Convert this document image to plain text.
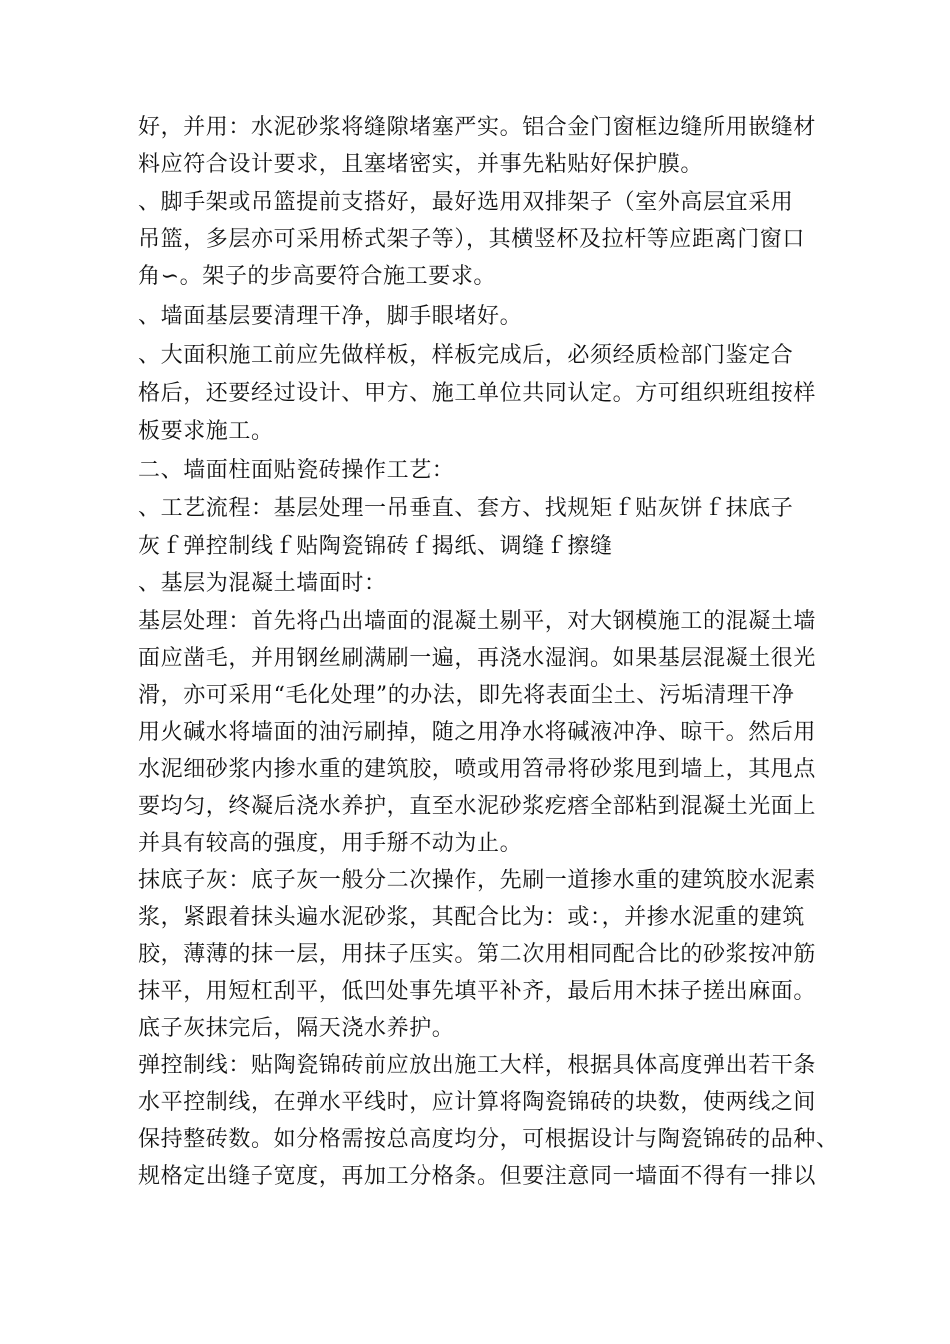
好，并用：水泥砂浆将缝隙堵塞严实。铝合金门窗框边缝所用嵌缝材
料应符合设计要求，且塞堵密实，并事先粘贴好保护膜。
、脚手架或吊篮提前支搭好，最好选用双排架子（室外高层宜采用
吊篮，多层亦可采用桥式架子等），其横竖杯及拉杆等应距离门窗口
角∽。架子的步高要符合施工要求。
、墙面基层要清理干净，脚手眼堵好。
、大面积施工前应先做样板，样板完成后，必须经质检部门鉴定合
格后，还要经过设计、甲方、施工单位共同认定。方可组织班组按样
板要求施工。
二、墙面柱面贴瓷砖操作工艺：
、工艺流程：基层处理一吊垂直、套方、找规矩ｆ贴灰饼ｆ抹底子
灰ｆ弹控制线ｆ贴陶瓷锦砖ｆ揭纸、调缝ｆ擦缝
、基层为混凝土墙面时：
基层处理：首先将凸出墙面的混凝土剔平，对大钢模施工的混凝土墙
面应凿毛，并用钢丝刷满刷一遍，再浇水湿润。如果基层混凝土很光
滑，亦可采用“毛化处理”的办法，即先将表面尘土、污垢清理干净
用火碱水将墙面的油污刷掉，随之用净水将碱液冲净、晾干。然后用
水泥细砂浆内掺水重的建筑胶，喷或用笤帚将砂浆甩到墙上，其甩点
要均匀，终凝后浇水养护，直至水泥砂浆疙瘩全部粘到混凝土光面上
并具有较高的强度，用手掰不动为止。
抹底子灰：底子灰一般分二次操作，先刷一道掺水重的建筑胶水泥素
浆，紧跟着抹头遍水泥砂浆，其配合比为：或：，并掺水泥重的建筑
胶，薄薄的抹一层，用抹子压实。第二次用相同配合比的砂浆按冲筋
抹平，用短杠刮平，低凹处事先填平补齐，最后用木抹子搓出麻面。
底子灰抹完后，隔天浇水养护。
弹控制线：贴陶瓷锦砖前应放出施工大样，根据具体高度弹出若干条
水平控制线，在弹水平线时，应计算将陶瓷锦砖的块数，使两线之间
保持整砖数。如分格需按总高度均分，可根据设计与陶瓷锦砖的品种、
规格定出缝子宽度，再加工分格条。但要注意同一墙面不得有一排以
